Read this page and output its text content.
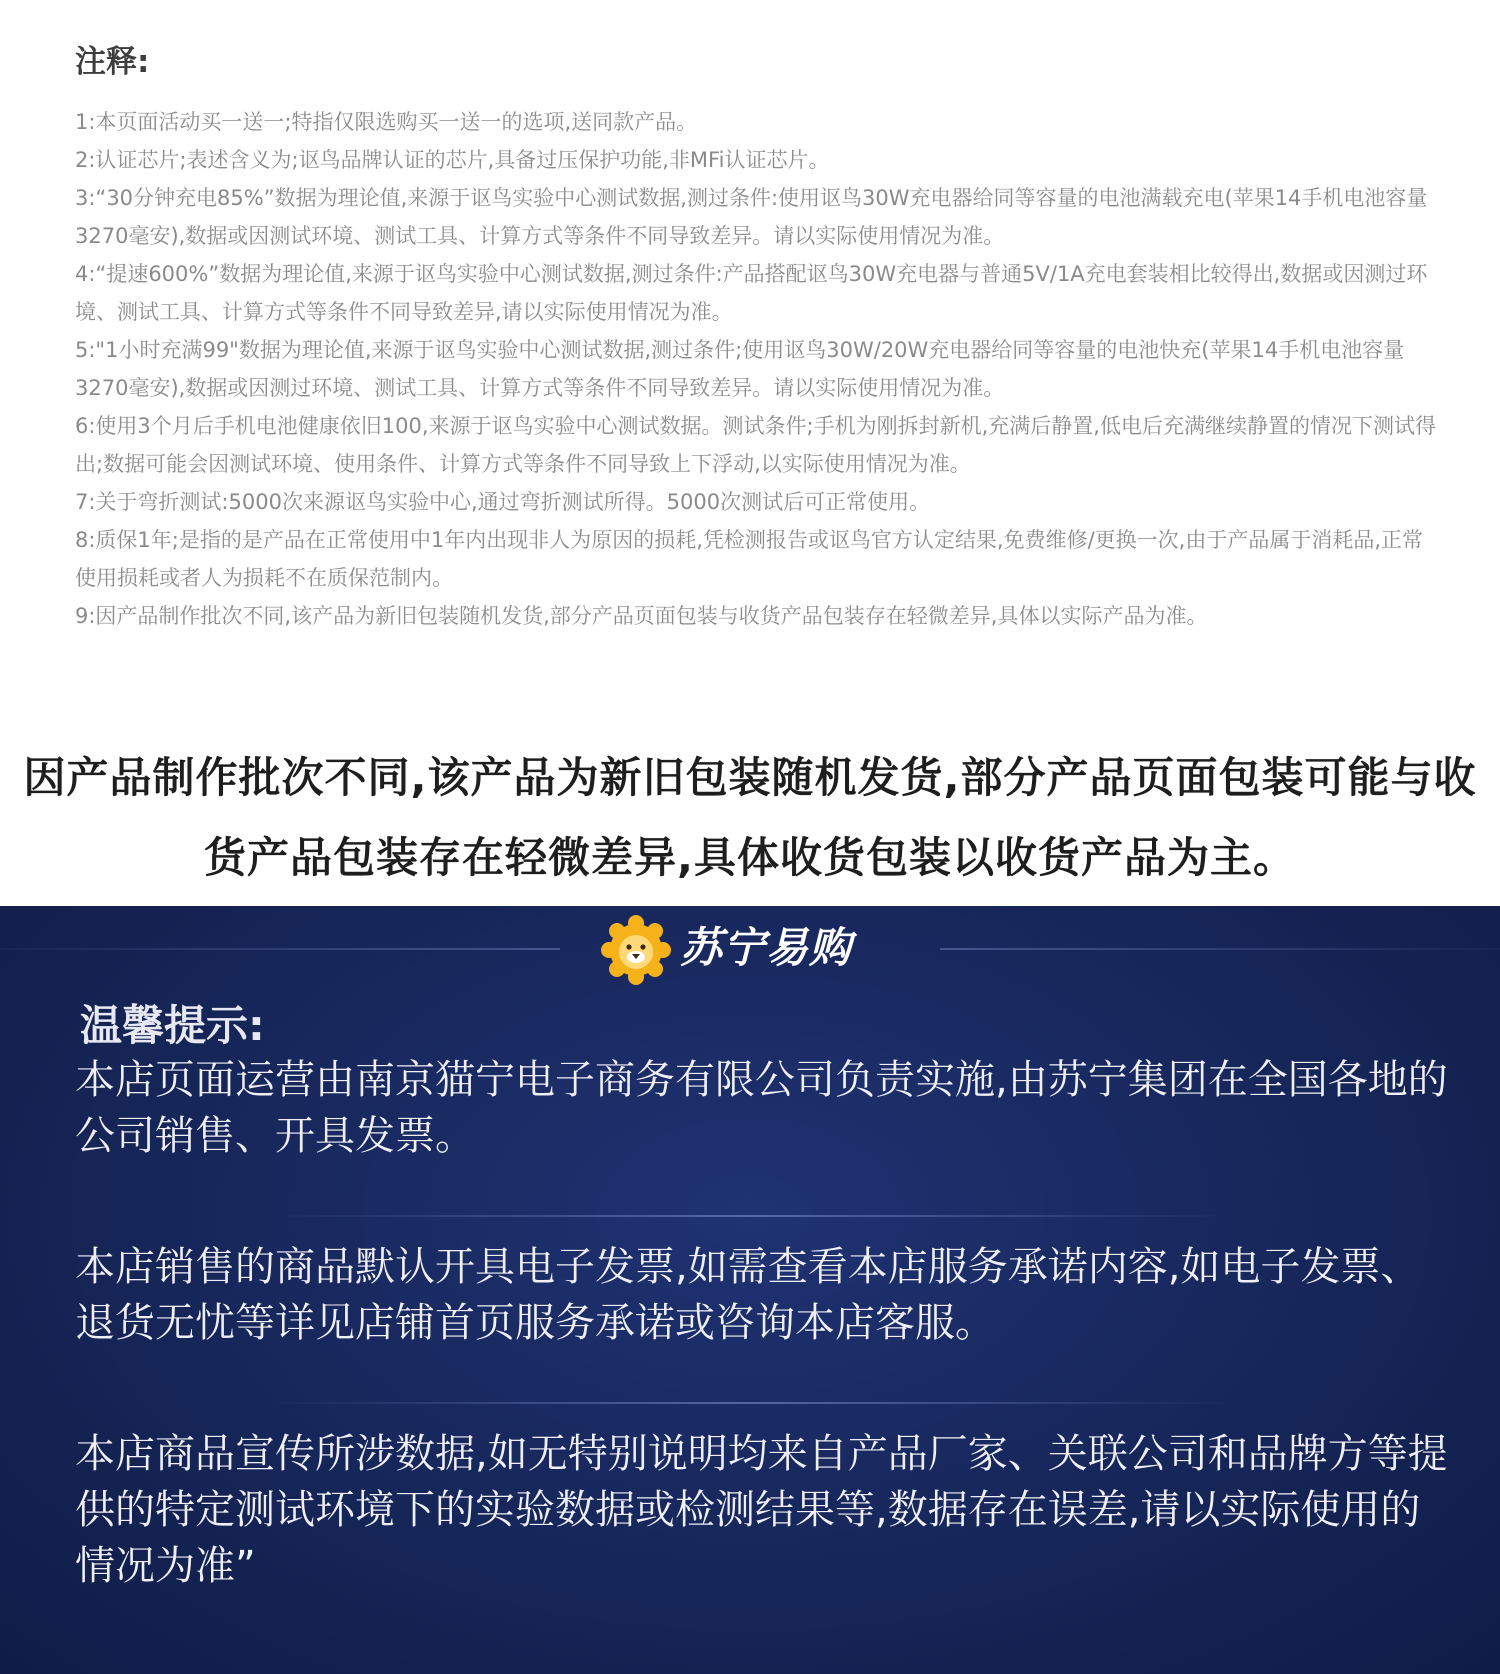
注释:
1:本页面活动买一送一;特指仅限选购买一送一的选项,送同款产品。
2:认证芯片;表述含义为;讴鸟品牌认证的芯片,具备过压保护功能,非MFi认证芯片。
3:“30分钟充电85%”数据为理论值,来源于讴鸟实验中心测试数据,测过条件:使用讴鸟30W充电器给同等容量的电池满载充电(苹果14手机电池容量3270毫安),数据或因测试环境、测试工具、计算方式等条件不同导致差异。请以实际使用情况为准。
4:“提速600%”数据为理论值,来源于讴鸟实验中心测试数据,测过条件:产品搭配讴鸟30W充电器与普通5V/1A充电套装相比较得出,数据或因测过环境、测试工具、计算方式等条件不同导致差异,请以实际使用情况为准。
5:"1小时充满99"数据为理论值,来源于讴鸟实验中心测试数据,测过条件;使用讴鸟30W/20W充电器给同等容量的电池快充(苹果14手机电池容量3270毫安),数据或因测过环境、测试工具、计算方式等条件不同导致差异。请以实际使用情况为准。
6:使用3个月后手机电池健康依旧100,来源于讴鸟实验中心测试数据。测试条件;手机为刚拆封新机,充满后静置,低电后充满继续静置的情况下测试得出;数据可能会因测试环境、使用条件、计算方式等条件不同导致上下浮动,以实际使用情况为准。
7:关于弯折测试:5000次来源讴鸟实验中心,通过弯折测试所得。5000次测试后可正常使用。
8:质保1年;是指的是产品在正常使用中1年内出现非人为原因的损耗,凭检测报告或讴鸟官方认定结果,免费维修/更换一次,由于产品属于消耗品,正常使用损耗或者人为损耗不在质保范制内。
9:因产品制作批次不同,该产品为新旧包装随机发货,部分产品页面包装与收货产品包装存在轻微差异,具体以实际产品为准。

因产品制作批次不同,该产品为新旧包装随机发货,部分产品页面包装可能与收货产品包装存在轻微差异,具体收货包装以收货产品为主。

苏宁易购
温馨提示:

本店页面运营由南京猫宁电子商务有限公司负责实施,由苏宁集团在全国各地的公司销售、开具发票。

本店销售的商品默认开具电子发票,如需查看本店服务承诺内容,如电子发票、退货无忧等详见店铺首页服务承诺或咨询本店客服。

本店商品宣传所涉数据,如无特别说明均来自产品厂家、关联公司和品牌方等提供的特定测试环境下的实验数据或检测结果等,数据存在误差,请以实际使用的情况为准”
